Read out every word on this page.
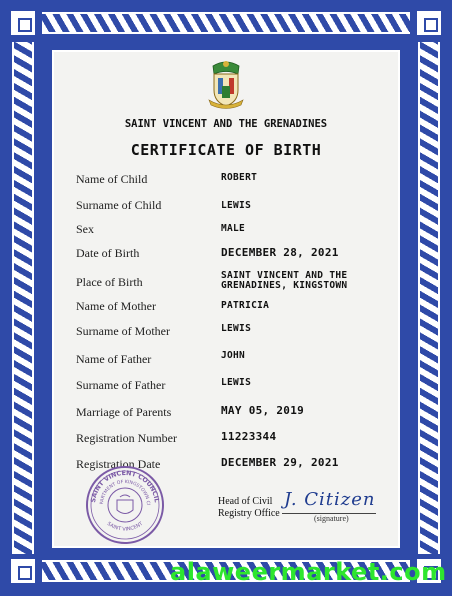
SAINT VINCENT AND THE GRENADINES
CERTIFICATE OF BIRTH
Name of Child	ROBERT
Surname of Child	LEWIS
Sex	MALE
Date of Birth	DECEMBER 28, 2021
Place of Birth	SAINT VINCENT AND THE GRENADINES, KINGSTOWN
Name of Mother	PATRICIA
Surname of Mother	LEWIS
Name of Father	JOHN
Surname of Father	LEWIS
Marriage of Parents	MAY 05, 2019
Registration Number	11223344
Registration Date	DECEMBER 29, 2021
SAINT VINCENT COUNCIL
PARTMENT OF KINGSTOWN CI
SAINT VINCENT
Head of Civil
Registry Office
J. Citizen
(signature)
alaweermarket.com
